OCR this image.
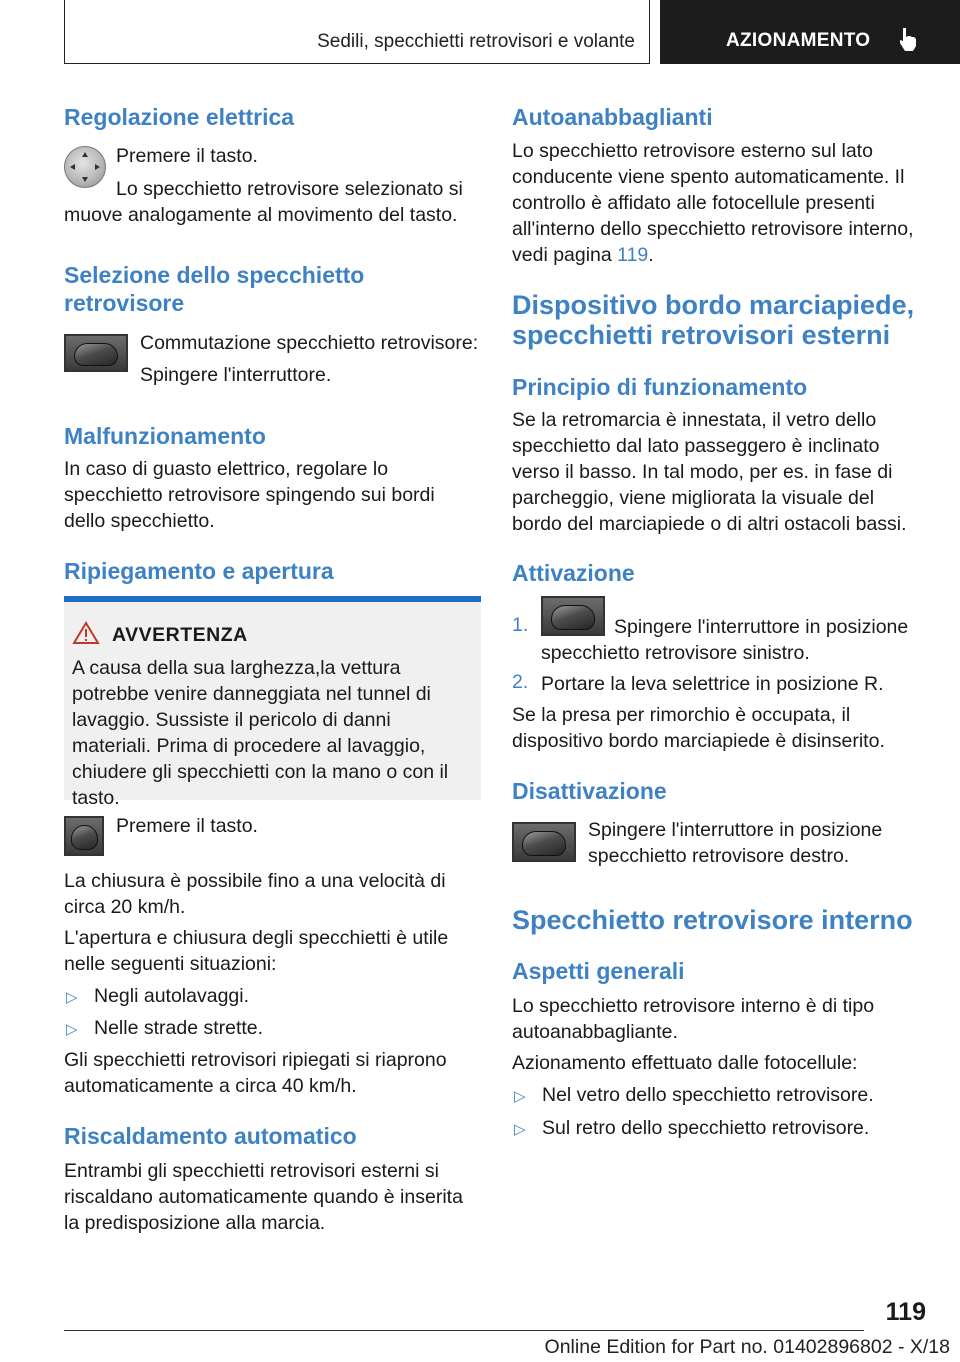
Sedili, specchietti retrovisori e volante	AZIONAMENTO
Regolazione elettrica

Premere il tasto.

Lo specchietto retrovisore selezionato si muove analogamente al movimento del tasto.

Selezione dello specchietto
retrovisore

Commutazione specchietto retrovisore:

Spingere l'interruttore.

Malfunzionamento

In caso di guasto elettrico, regolare lo specchietto retrovisore spingendo sui bordi dello specchietto.

Ripiegamento e apertura
AVVERTENZA

A causa della sua larghezza,la vettura potrebbe venire danneggiata nel tunnel di lavaggio. Sussiste il pericolo di danni materiali. Prima di procedere al lavaggio, chiudere gli specchietti con la mano o con il tasto.

Premere il tasto.

La chiusura è possibile fino a una velocità di circa 20 km/h.

L'apertura e chiusura degli specchietti è utile nelle seguenti situazioni:

▷ Negli autolavaggi.

▷ Nelle strade strette.

Gli specchietti retrovisori ripiegati si riaprono automaticamente a circa 40 km/h.

Riscaldamento automatico

Entrambi gli specchietti retrovisori esterni si riscaldano automaticamente quando è inserita la predisposizione alla marcia.

Autoanabbaglianti

Lo specchietto retrovisore esterno sul lato conducente viene spento automaticamente. Il controllo è affidato alle fotocellule presenti all'interno dello specchietto retrovisore interno, vedi pagina 119.

Dispositivo bordo marciapiede,
specchietti retrovisori esterni
Principio di funzionamento

Se la retromarcia è innestata, il vetro dello specchietto dal lato passeggero è inclinato verso il basso. In tal modo, per es. in fase di parcheggio, viene migliorata la visuale del bordo del marciapiede o di altri ostacoli bassi.

Attivazione
1.	Spingere l'interruttore in posizione

specchietto retrovisore sinistro.

2. Portare la leva selettrice in posizione R.

Se la presa per rimorchio è occupata, il dispositivo bordo marciapiede è disinserito.

Disattivazione

Spingere l'interruttore in posizione

specchietto retrovisore destro.

Specchietto retrovisore interno
Aspetti generali

Lo specchietto retrovisore interno è di tipo autoanabbagliante.

Azionamento effettuato dalle fotocellule:

▷ Nel vetro dello specchietto retrovisore.

▷ Sul retro dello specchietto retrovisore.

119
Online Edition for Part no. 01402896802 - X/18
